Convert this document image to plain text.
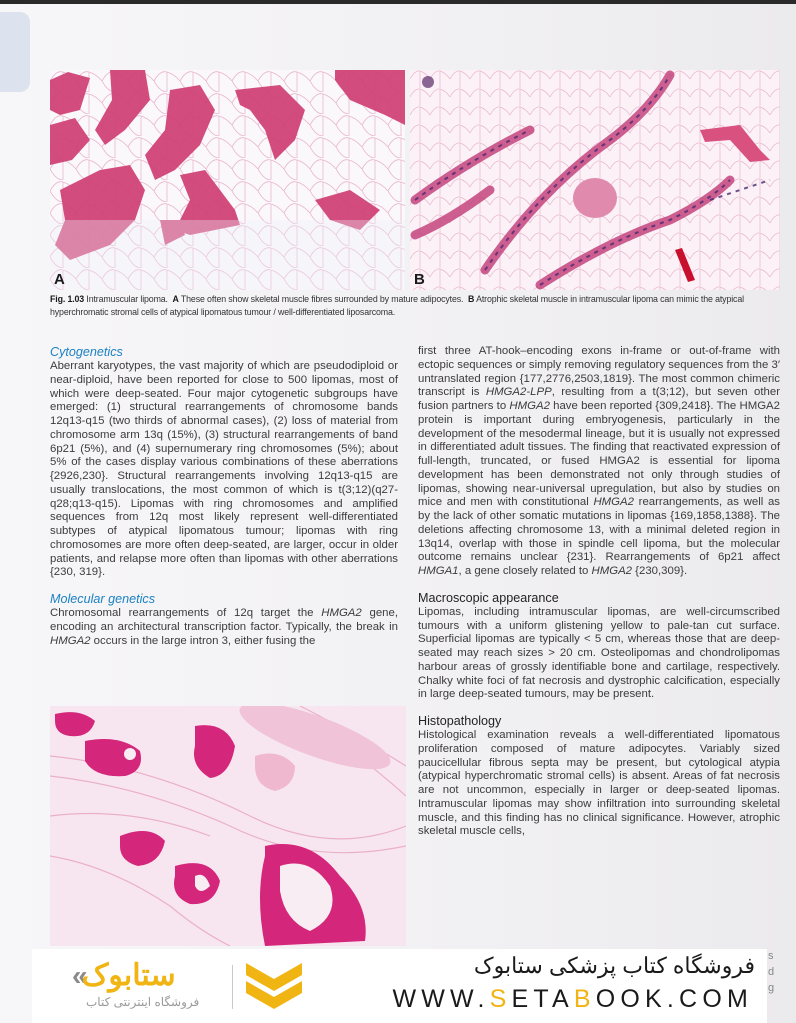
A	B
Fig. 1.03 Intramuscular lipoma. A These often show skeletal muscle fibres surrounded by mature adipocytes. B Atrophic skeletal muscle in intramuscular lipoma can mimic the atypical hyperchromatic stromal cells of atypical lipomatous tumour / well-differentiated liposarcoma.
Cytogenetics
Aberrant karyotypes, the vast majority of which are pseudodiploid or near-diploid, have been reported for close to 500 lipomas, most of which were deep-seated. Four major cytogenetic subgroups have emerged: (1) structural rearrangements of chromosome bands 12q13-q15 (two thirds of abnormal cases), (2) loss of material from chromosome arm 13q (15%), (3) structural rearrangements of band 6p21 (5%), and (4) supernumerary ring chromosomes (5%); about 5% of the cases display various combinations of these aberrations {2926,230}. Structural rearrangements involving 12q13-q15 are usually translocations, the most common of which is t(3;12)(q27-q28;q13-q15). Lipomas with ring chromosomes and amplified sequences from 12q most likely represent well-differentiated subtypes of atypical lipomatous tumour; lipomas with ring chromosomes are more often deep-seated, are larger, occur in older patients, and relapse more often than lipomas with other aberrations {230, 319}.
Molecular genetics
Chromosomal rearrangements of 12q target the HMGA2 gene, encoding an architectural transcription factor. Typically, the break in HMGA2 occurs in the large intron 3, either fusing the
first three AT-hook–encoding exons in-frame or out-of-frame with ectopic sequences or simply removing regulatory sequences from the 3′ untranslated region {177,2776,2503,1819}. The most common chimeric transcript is HMGA2-LPP, resulting from a t(3;12), but seven other fusion partners to HMGA2 have been reported {309,2418}. The HMGA2 protein is important during embryogenesis, particularly in the development of the mesodermal lineage, but it is usually not expressed in differentiated adult tissues. The finding that reactivated expression of full-length, truncated, or fused HMGA2 is essential for lipoma development has been demonstrated not only through studies of lipomas, showing near-universal upregulation, but also by studies on mice and men with constitutional HMGA2 rearrangements, as well as by the lack of other somatic mutations in lipomas {169,1858,1388}. The deletions affecting chromosome 13, with a minimal deleted region in 13q14, overlap with those in spindle cell lipoma, but the molecular outcome remains unclear {231}. Rearrangements of 6p21 affect HMGA1, a gene closely related to HMGA2 {230,309}.
Macroscopic appearance
Lipomas, including intramuscular lipomas, are well-circumscribed tumours with a uniform glistening yellow to pale-tan cut surface. Superficial lipomas are typically < 5 cm, whereas those that are deep-seated may reach sizes > 20 cm. Osteolipomas and chondrolipomas harbour areas of grossly identifiable bone and cartilage, respectively. Chalky white foci of fat necrosis and dystrophic calcification, especially in large deep-seated tumours, may be present.
Histopathology
Histological examination reveals a well-differentiated lipomatous proliferation composed of mature adipocytes. Variably sized paucicellular fibrous septa may be present, but cytological atypia (atypical hyperchromatic stromal cells) is absent. Areas of fat necrosis are not uncommon, especially in larger or deep-seated lipomas. Intramuscular lipomas may show infiltration into surrounding skeletal muscle, and this finding has no clinical significance. However, atrophic skeletal muscle cells,
« ستابوک
فروشگاه اینترنتی کتاب
فروشگاه کتاب پزشکی ستابوک
WWW.SETABOOK.COM
s
d
g
